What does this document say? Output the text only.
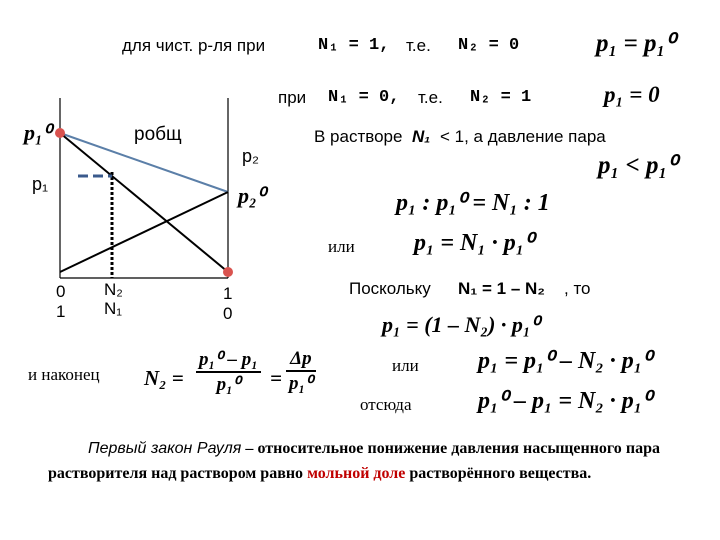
для чист. р-ля при	N₁ = 1, т.е. N₂ = 0	p₁ = p₁⁰
при N₁ = 0, т.е. N₂ = 1	p₁ = 0
p₁⁰	pобщ
p₂
p₁	p₂⁰
0
1
N₂
N₁
1
0
В растворе N₁ < 1, а давление пара
p₁ < p₁⁰
p₁ : p₁⁰ = N₁ : 1
или p₁ = N₁ · p₁⁰
Поскольку N₁ = 1 – N₂ , то
p₁ = (1 – N₂) · p₁⁰
или p₁ = p₁⁰ – N₂ · p₁⁰
отсюда	p₁⁰ – p₁ = N₂ · p₁⁰
и наконец $N_2 = \frac{\text{p₁⁰ – p₁}}{\text{p₁⁰}} = \frac{\Delta p}{\text{p₁⁰}}$
Первый закон Рауля – относительное понижение давления насыщенного пара растворителя над раствором равно мольной доле растворённого вещества.
